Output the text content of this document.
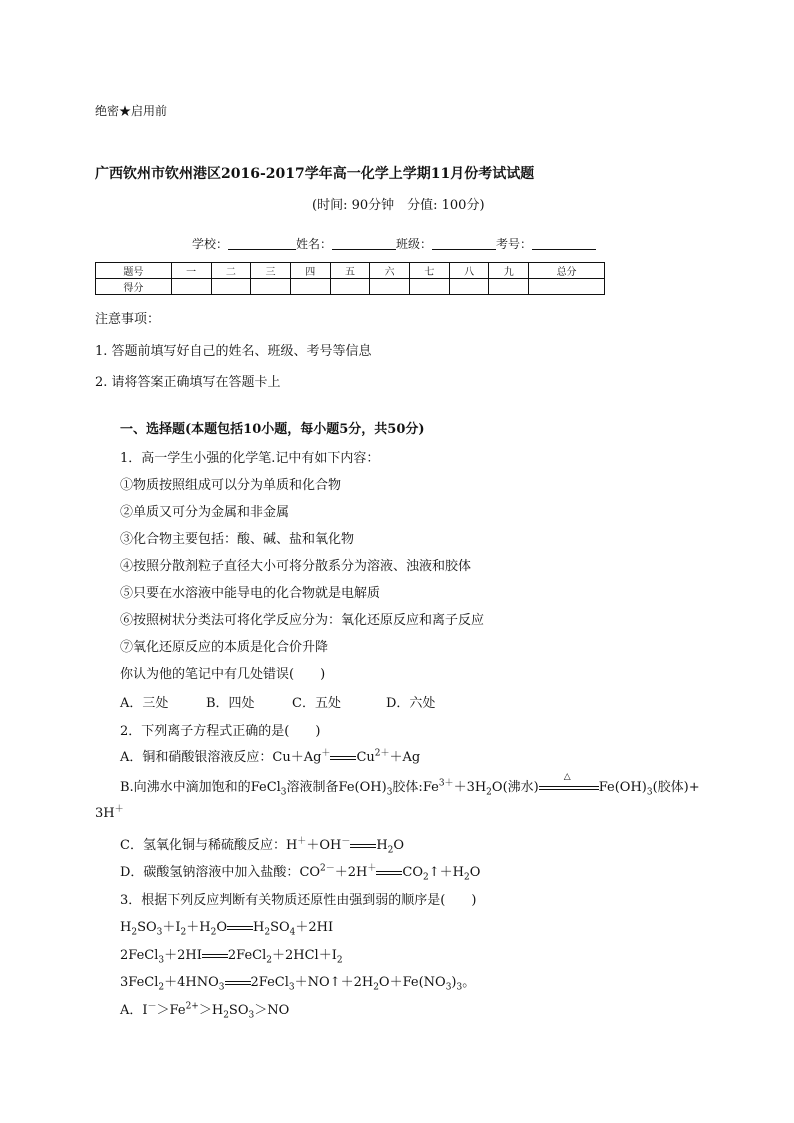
绝密★启用前
广西钦州市钦州港区2016-2017学年高一化学上学期11月份考试试题
(时间: 90分钟　分值: 100分)
学校：	姓名：	班级：	考号：
题号	一	二	三	四	五	六	七	八	九	总分
得分										
注意事项：
1. 答题前填写好自己的姓名、班级、考号等信息
2. 请将答案正确填写在答题卡上
一、选择题(本题包括10小题，每小题5分，共50分)
1．高一学生小强的化学笔.记中有如下内容：
①物质按照组成可以分为单质和化合物
②单质又可分为金属和非金属
③化合物主要包括：酸、碱、盐和氧化物
④按照分散剂粒子直径大小可将分散系分为溶液、浊液和胶体
⑤只要在水溶液中能导电的化合物就是电解质
⑥按照树状分类法可将化学反应分为：氧化还原反应和离子反应
⑦氧化还原反应的本质是化合价升降
你认为他的笔记中有几处错误(　　)
A．三处	B．四处	C．五处	D．六处
2．下列离子方程式正确的是(　　)
A．铜和硝酸银溶液反应：Cu＋Ag＋ $Cu^{2+}+Ag$
B.向沸水中滴加饱和的FeCl$_3$溶液制备$Fe(OH)_3$胶体$:Fe^{3+}+3H_2O$(沸水)
△
$Fe(OH)_3$(胶体)+
3H＋
C．氢氧化铜与稀硫酸反应：H＋＋OH－ $H_2O$
D．碳酸氢钠溶液中加入盐酸：$CO^{2-}+2H^+$ $CO_2↑+H_2O$
3．根据下列反应判断有关物质还原性由强到弱的顺序是(　　)
$H_2SO_3+I_2+H_2O$ $H_2SO_4+2HI$
2FeCl$_3$＋2HI $2FeCl_2+2HCl+I_2$
$3FeCl_2+4HNO_3$ $2FeCl_3+NO↑+2H_2O+Fe(NO_3)_3$。
A．$I^->Fe^{2+}>H_2SO_3>NO$
